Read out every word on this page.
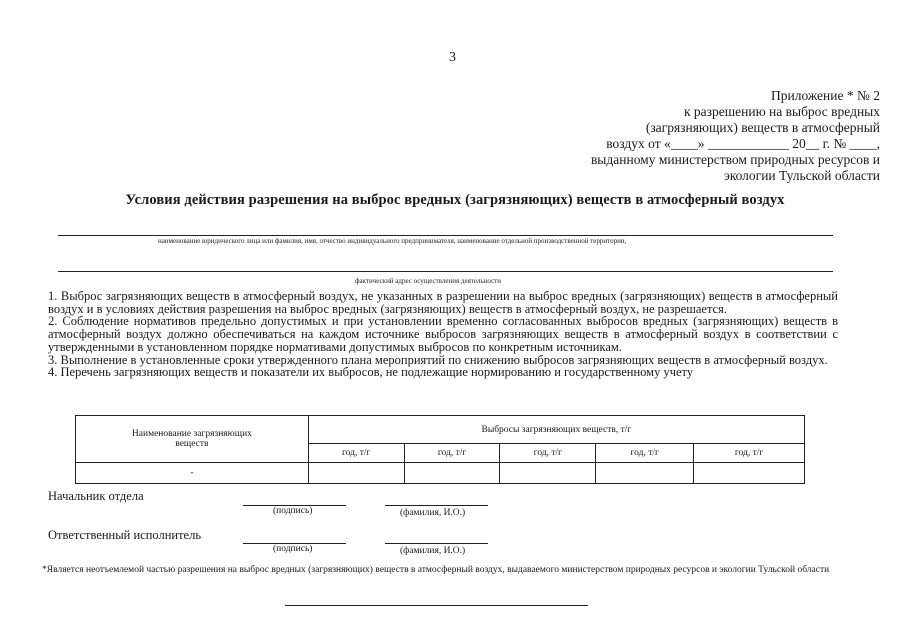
3
Приложение * № 2
к разрешению на выброс вредных
(загрязняющих) веществ в атмосферный
воздух от «____» ____________ 20__ г. № ____,
выданному министерством природных ресурсов и
экологии Тульской области
Условия действия разрешения на выброс вредных (загрязняющих) веществ в атмосферный воздух
наименование юридического лица или фамилия, имя, отчество индивидуального предпринимателя, наименование отдельной производственной территории,
фактический адрес осуществления деятельности

1. Выброс загрязняющих веществ в атмосферный воздух, не указанных в разрешении на выброс вредных (загрязняющих) веществ в атмосферный воздух и в условиях действия разрешения на выброс вредных (загрязняющих) веществ в атмосферный воздух, не разрешается.

2. Соблюдение нормативов предельно допустимых и при установлении временно согласованных выбросов вредных (загрязняющих) веществ в атмосферный воздух должно обеспечиваться на каждом источнике выбросов загрязняющих веществ в атмосферный воздух в соответствии с утвержденными в установленном порядке нормативами допустимых выбросов по конкретным источникам.

3. Выполнение в установленные сроки утвержденного плана мероприятий по снижению выбросов загрязняющих веществ в атмосферный воздух.

4. Перечень загрязняющих веществ и показатели их выбросов, не подлежащие нормированию и государственному учету

Наименование загрязняющих веществ	Выбросы загрязняющих веществ, т/г				
	год, т/г	год, т/г	год, т/г	год, т/г	год, т/г
-					
Начальник отдела
(подпись)	(фамилия, И.О.)
Ответственный исполнитель
(подпись)	(фамилия, И.О.)
*Является неотъемлемой частью разрешения на выброс вредных (загрязняющих) веществ в атмосферный воздух, выдаваемого министерством природных ресурсов и экологии Тульской области
